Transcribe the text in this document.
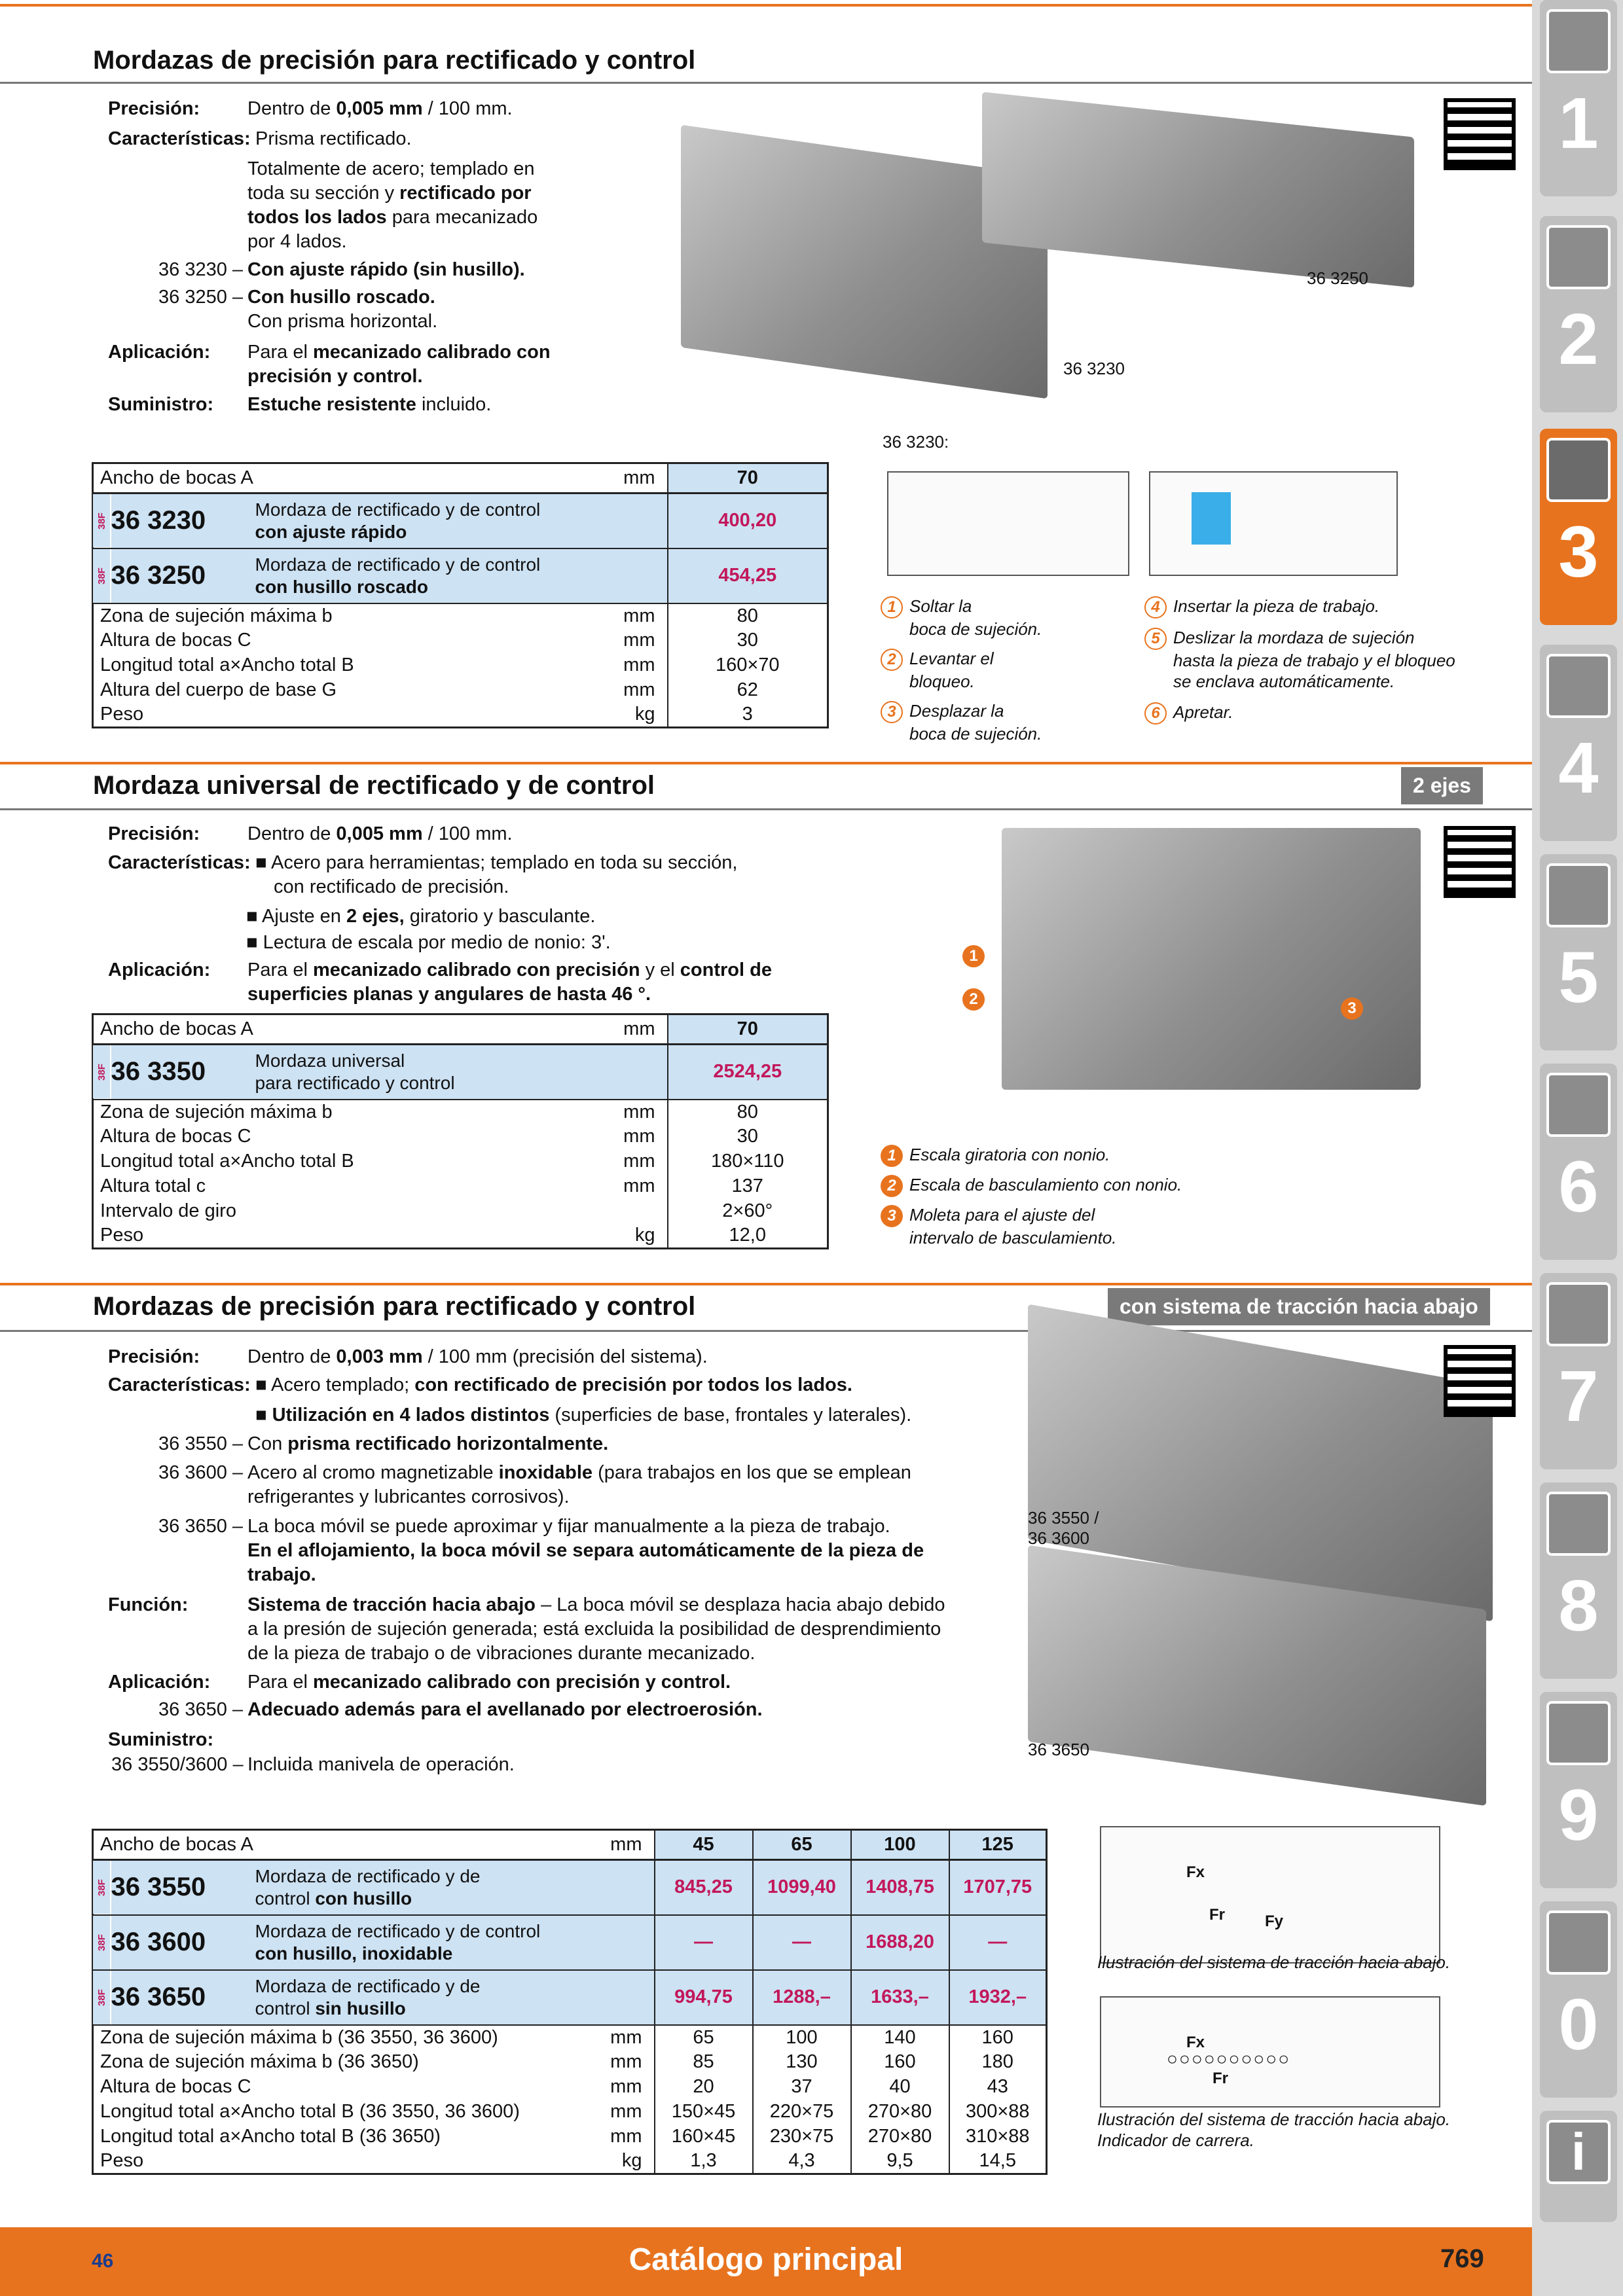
1
2
3
4
5
6
7
8
9
0
i
Mordazas de precisión para rectificado y control
Precisión:	Dentro de 0,005 mm / 100 mm.
Características: Prisma rectificado.
Totalmente de acero; templado en
toda su sección y rectificado por
todos los lados para mecanizado
por 4 lados.
36 3230 – Con ajuste rápido (sin husillo).
36 3250 – Con husillo roscado.
Con prisma horizontal.
Aplicación: Para el mecanizado calibrado con
precisión y control.
Suministro: Estuche resistente incluido.
36 3250
36 3230
36 3230:
1 Soltar la
boca de sujeción.
2 Levantar el
bloqueo.
3 Desplazar la
boca de sujeción.
4 Insertar la pieza de trabajo.
5 Deslizar la mordaza de sujeción
hasta la pieza de trabajo y el bloqueo
se enclava automáticamente.
6 Apretar.
Ancho de bocas A			mm	70
38F	36 3230	Mordaza de rectificado y de control
con ajuste rápido		400,20
38F	36 3250	Mordaza de rectificado y de control
con husillo roscado		454,25
Zona de sujeción máxima b			mm	80
Altura de bocas C			mm	30
Longitud total a×Ancho total B			mm	160×70
Altura del cuerpo de base G			mm	62
Peso			kg	3
Mordaza universal de rectificado y de control	2 ejes
Precisión:	Dentro de 0,005 mm / 100 mm.
Características: ■ Acero para herramientas; templado en toda su sección,
con rectificado de precisión.
■ Ajuste en 2 ejes, giratorio y basculante.
■ Lectura de escala por medio de nonio: 3'.
Aplicación: Para el mecanizado calibrado con precisión y el control de
superficies planas y angulares de hasta 46 °.
1
2
3
1 Escala giratoria con nonio.
2 Escala de basculamiento con nonio.
3 Moleta para el ajuste del
intervalo de basculamiento.
Ancho de bocas A			mm	70
38F	36 3350	Mordaza universal
para rectificado y control		2524,25
Zona de sujeción máxima b			mm	80
Altura de bocas C			mm	30
Longitud total a×Ancho total B			mm	180×110
Altura total c			mm	137
Intervalo de giro				2×60°
Peso			kg	12,0
Mordazas de precisión para rectificado y control	con sistema de tracción hacia abajo
Precisión:	Dentro de 0,003 mm / 100 mm (precisión del sistema).
Características: ■ Acero templado; con rectificado de precisión por todos los lados.
■ Utilización en 4 lados distintos (superficies de base, frontales y laterales).
36 3550 – Con prisma rectificado horizontalmente.
36 3600 – Acero al cromo magnetizable inoxidable (para trabajos en los que se emplean
refrigerantes y lubricantes corrosivos).
36 3650 – La boca móvil se puede aproximar y fijar manualmente a la pieza de trabajo.
En el aflojamiento, la boca móvil se separa automáticamente de la pieza de
trabajo.
Función:	Sistema de tracción hacia abajo – La boca móvil se desplaza hacia abajo debido
a la presión de sujeción generada; está excluida la posibilidad de desprendimiento
de la pieza de trabajo o de vibraciones durante mecanizado.
Aplicación: Para el mecanizado calibrado con precisión y control.
36 3650 – Adecuado además para el avellanado por electroerosión.
Suministro:
36 3550/3600 – Incluida manivela de operación.
36 3550 /
36 3600
36 3650
Fx
Fr	Fy
Ilustración del sistema de tracción hacia abajo.
Fx
Fr
○○○○○○○○○○
Ilustración del sistema de tracción hacia abajo.
Indicador de carrera.
Ancho de bocas A			mm	45	65	100	125
38F	36 3550	Mordaza de rectificado y de
control con husillo		845,25	1099,40	1408,75	1707,75
38F	36 3600	Mordaza de rectificado y de control
con husillo, inoxidable		—	—	1688,20	—
38F	36 3650	Mordaza de rectificado y de
control sin husillo		994,75	1288,–	1633,–	1932,–
Zona de sujeción máxima b (36 3550, 36 3600)			mm	65	100	140	160
Zona de sujeción máxima b (36 3650)			mm	85	130	160	180
Altura de bocas C			mm	20	37	40	43
Longitud total a×Ancho total B (36 3550, 36 3600)			mm	150×45	220×75	270×80	300×88
Longitud total a×Ancho total B (36 3650)			mm	160×45	230×75	270×80	310×88
Peso			kg	1,3	4,3	9,5	14,5
46	Catálogo principal	769
